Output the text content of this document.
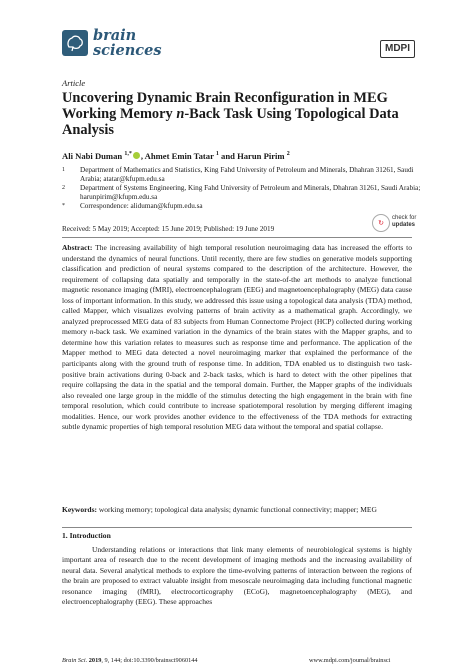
brain
sciences	MDPI
Article
Uncovering Dynamic Brain Reconfiguration in MEG Working Memory n-Back Task Using Topological Data Analysis
Ali Nabi Duman $^{1,*}$ , Ahmet Emin Tatar $^1$ and Harun Pirim $^2$
1	Department of Mathematics and Statistics, King Fahd University of Petroleum and Minerals, Dhahran 31261, Saudi Arabia; atatar@kfupm.edu.sa
2	Department of Systems Engineering, King Fahd University of Petroleum and Minerals, Dhahran 31261, Saudi Arabia; harunpirim@kfupm.edu.sa
*	Correspondence: aliduman@kfupm.edu.sa
Received: 5 May 2019; Accepted: 15 June 2019; Published: 19 June 2019
↻
check for
updates
Abstract: The increasing availability of high temporal resolution neuroimaging data has increased the efforts to understand the dynamics of neural functions. Until recently, there are few studies on generative models supporting classification and prediction of neural systems compared to the description of the architecture. However, the requirement of collapsing data spatially and temporally in the state-of-the art methods to analyze functional magnetic resonance imaging (fMRI), electroencephalogram (EEG) and magnetoencephalography (MEG) data cause loss of important information. In this study, we addressed this issue using a topological data analysis (TDA) method, called Mapper, which visualizes evolving patterns of brain activity as a mathematical graph. Accordingly, we analyzed preprocessed MEG data of 83 subjects from Human Connectome Project (HCP) collected during working memory n-back task. We examined variation in the dynamics of the brain states with the Mapper graphs, and to determine how this variation relates to measures such as response time and performance. The application of the Mapper method to MEG data detected a novel neuroimaging marker that explained the performance of the participants along with the ground truth of response time. In addition, TDA enabled us to distinguish two task-positive brain activations during 0-back and 2-back tasks, which is hard to detect with the other pipelines that require collapsing the data in the spatial and the temporal domain. Further, the Mapper graphs of the individuals also revealed one large group in the middle of the stimulus detecting the high engagement in the brain with fine temporal resolution, which could contribute to increase spatiotemporal resolution by merging different imaging modalities. Hence, our work provides another evidence to the effectiveness of the TDA methods for extracting subtle dynamic properties of high temporal resolution MEG data without the temporal and spatial collapse.
Keywords: working memory; topological data analysis; dynamic functional connectivity; mapper; MEG
1. Introduction
Understanding relations or interactions that link many elements of neurobiological systems is highly important area of research due to the recent development of imaging methods and the increasing availability of neural data. Several analytical methods to explore the time-evolving patterns of interaction between the regions of the brain are proposed to extract valuable insight from mesoscale neuroimaging data including functional magnetic resonance imaging (fMRI), electrocorticography (ECoG), magnetoencephalography (MEG), and electroencephalography (EEG). These approaches
Brain Sci. 2019, 9, 144; doi:10.3390/brainsci9060144	www.mdpi.com/journal/brainsci
